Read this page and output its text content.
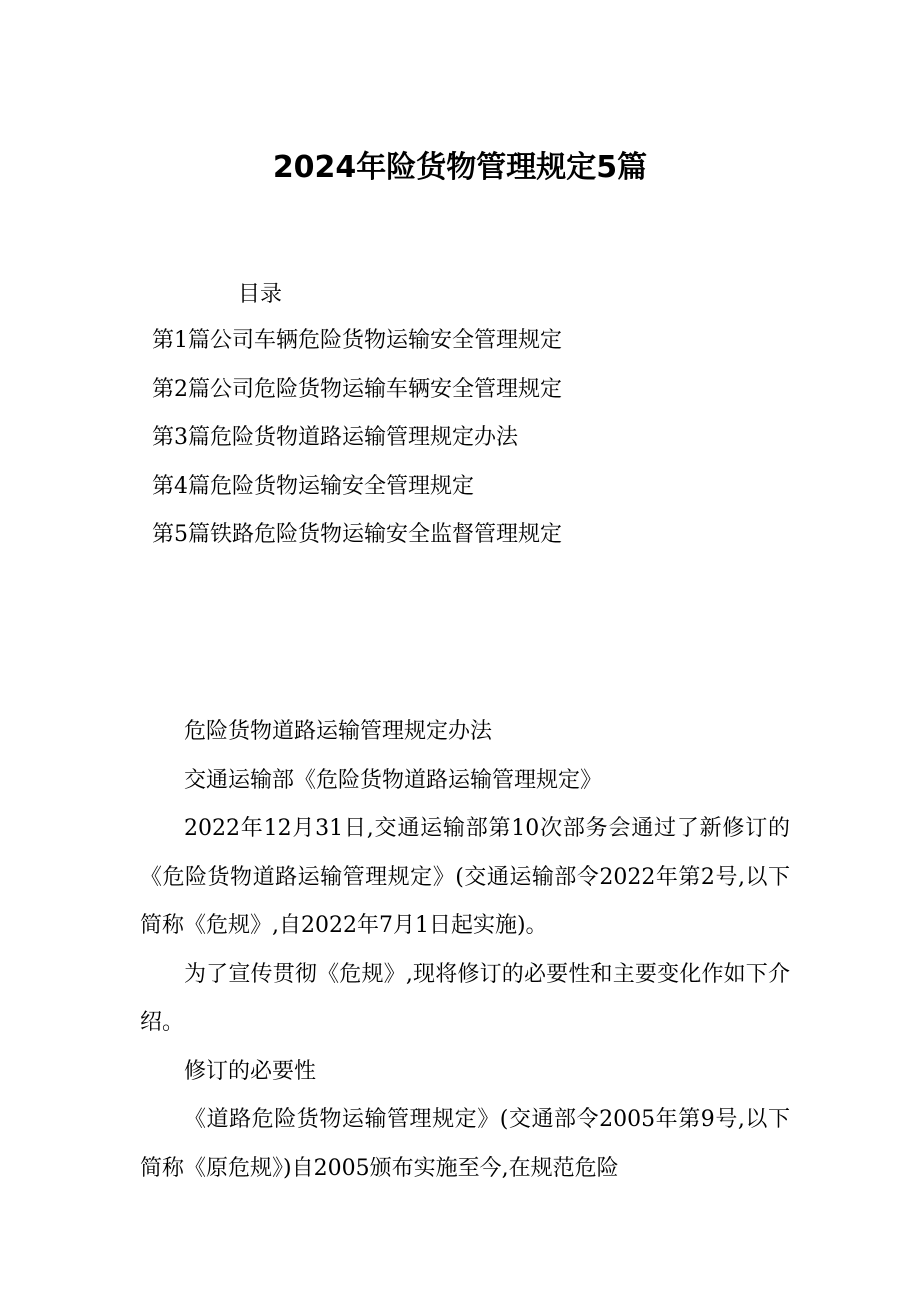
2024年险货物管理规定5篇
目录
第1篇公司车辆危险货物运输安全管理规定
第2篇公司危险货物运输车辆安全管理规定
第3篇危险货物道路运输管理规定办法
第4篇危险货物运输安全管理规定
第5篇铁路危险货物运输安全监督管理规定

危险货物道路运输管理规定办法

交通运输部《危险货物道路运输管理规定》

2022年12月31日,交通运输部第10次部务会通过了新修订的《危险货物道路运输管理规定》(交通运输部令2022年第2号,以下简称《危规》,自2022年7月1日起实施)。

为了宣传贯彻《危规》,现将修订的必要性和主要变化作如下介绍。

修订的必要性

《道路危险货物运输管理规定》(交通部令2005年第9号,以下简称《原危规》)自2005颁布实施至今,在规范危险
